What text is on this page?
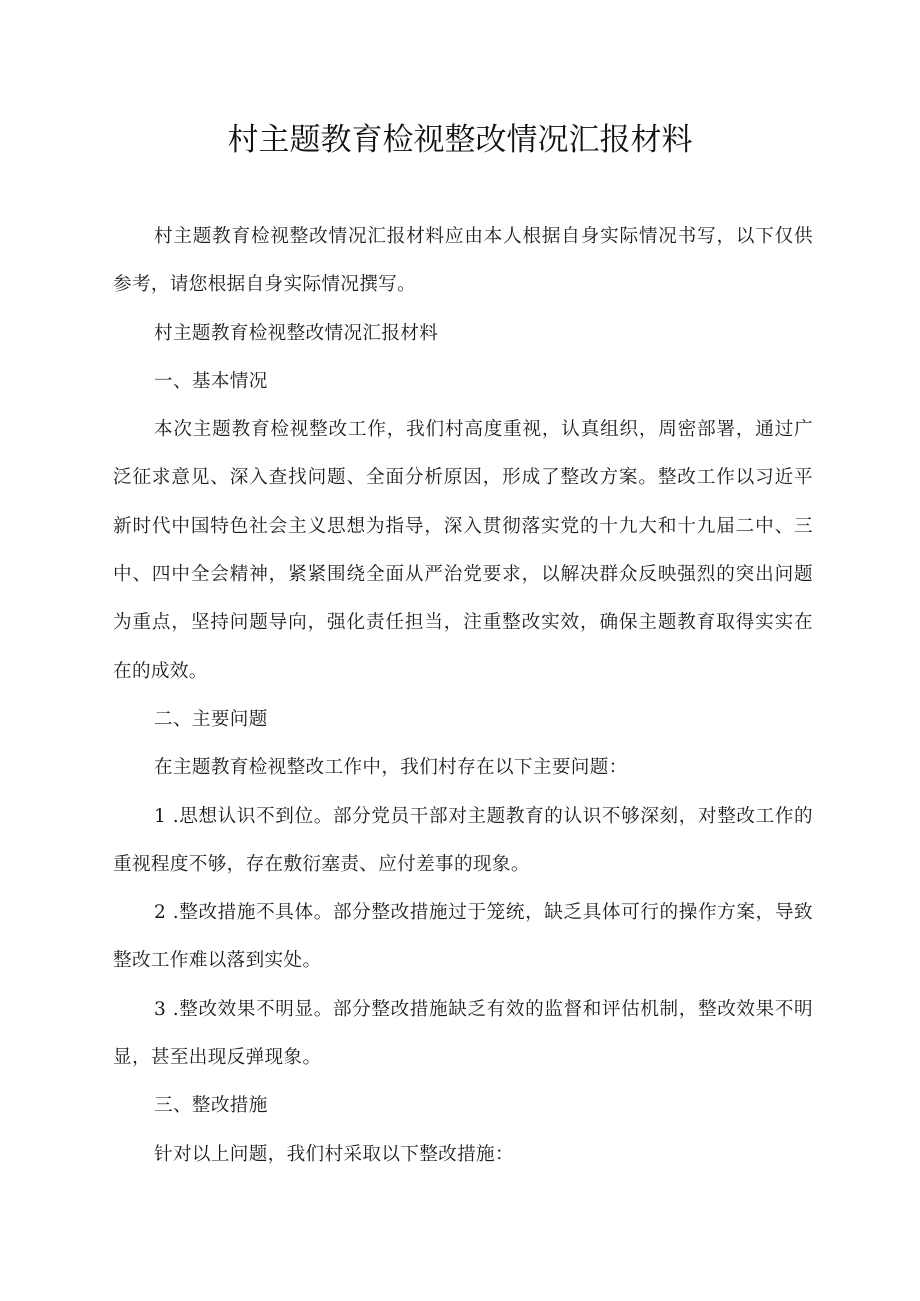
村主题教育检视整改情况汇报材料

村主题教育检视整改情况汇报材料应由本人根据自身实际情况书写，以下仅供参考，请您根据自身实际情况撰写。

村主题教育检视整改情况汇报材料

一、基本情况

本次主题教育检视整改工作，我们村高度重视，认真组织，周密部署，通过广泛征求意见、深入查找问题、全面分析原因，形成了整改方案。整改工作以习近平新时代中国特色社会主义思想为指导，深入贯彻落实党的十九大和十九届二中、三中、四中全会精神，紧紧围绕全面从严治党要求，以解决群众反映强烈的突出问题为重点，坚持问题导向，强化责任担当，注重整改实效，确保主题教育取得实实在在的成效。

二、主要问题

在主题教育检视整改工作中，我们村存在以下主要问题：

1 .思想认识不到位。部分党员干部对主题教育的认识不够深刻，对整改工作的重视程度不够，存在敷衍塞责、应付差事的现象。

2 .整改措施不具体。部分整改措施过于笼统，缺乏具体可行的操作方案，导致整改工作难以落到实处。

3 .整改效果不明显。部分整改措施缺乏有效的监督和评估机制，整改效果不明显，甚至出现反弹现象。

三、整改措施

针对以上问题，我们村采取以下整改措施：
